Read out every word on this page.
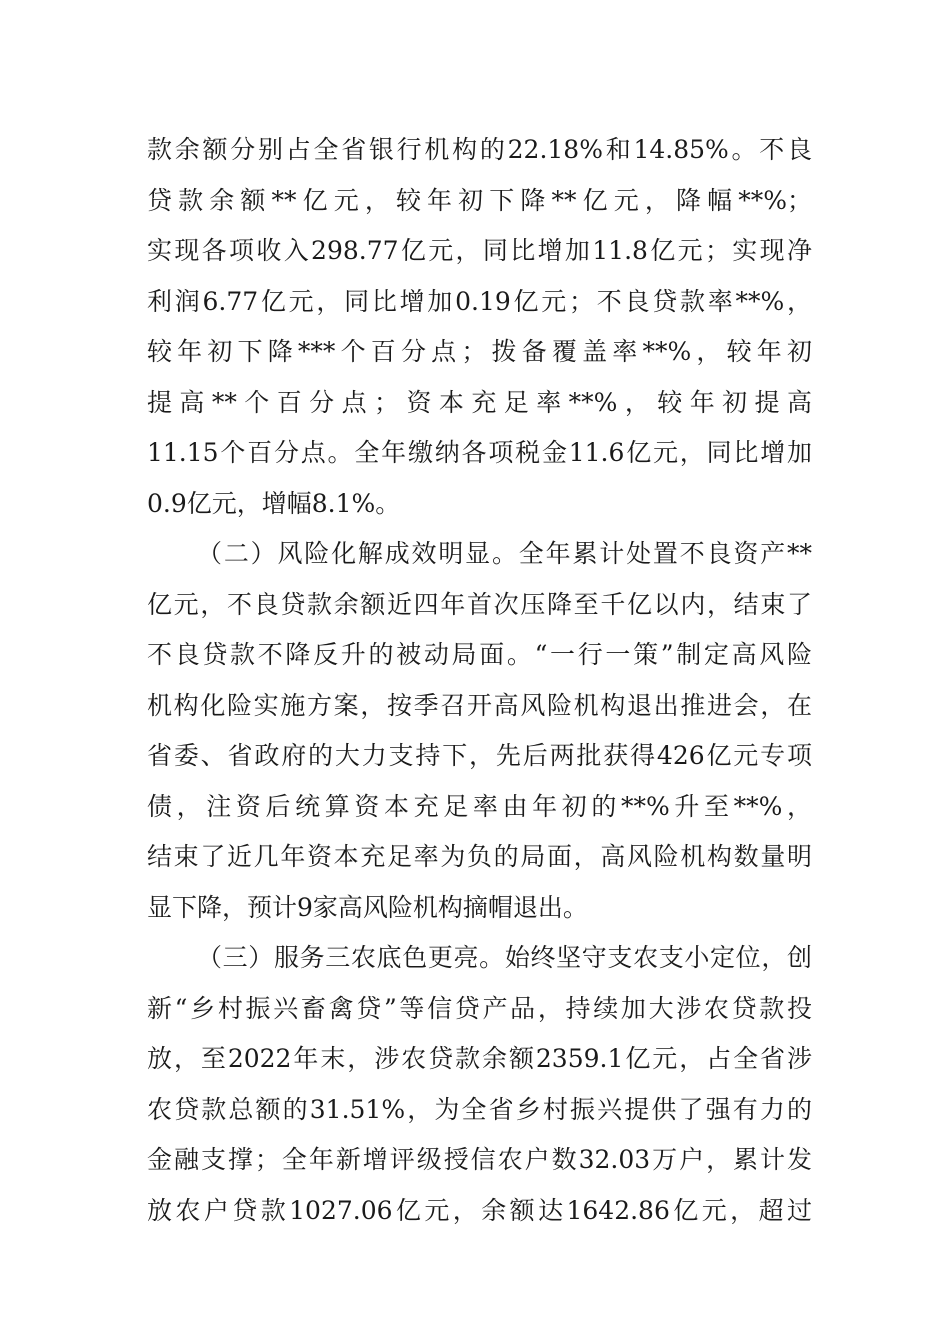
款余额分别占全省银行机构的22.18%和14.85%。不良
贷款余额**亿元，较年初下降**亿元，降幅**%；
实现各项收入298.77亿元，同比增加11.8亿元；实现净
利润6.77亿元，同比增加0.19亿元；不良贷款率**%，
较年初下降***个百分点；拨备覆盖率**%，较年初
提高**个百分点；资本充足率**%，较年初提高
11.15个百分点。全年缴纳各项税金11.6亿元，同比增加
0.9亿元，增幅8.1%。
（二）风险化解成效明显。全年累计处置不良资产**
亿元，不良贷款余额近四年首次压降至千亿以内，结束了
不良贷款不降反升的被动局面。“一行一策”制定高风险
机构化险实施方案，按季召开高风险机构退出推进会，在
省委、省政府的大力支持下，先后两批获得426亿元专项
债，注资后统算资本充足率由年初的**%升至**%，
结束了近几年资本充足率为负的局面，高风险机构数量明
显下降，预计9家高风险机构摘帽退出。
（三）服务三农底色更亮。始终坚守支农支小定位，创
新“乡村振兴畜禽贷”等信贷产品，持续加大涉农贷款投
放，至2022年末，涉农贷款余额2359.1亿元，占全省涉
农贷款总额的31.51%，为全省乡村振兴提供了强有力的
金融支撑；全年新增评级授信农户数32.03万户，累计发
放农户贷款1027.06亿元，余额达1642.86亿元，超过
